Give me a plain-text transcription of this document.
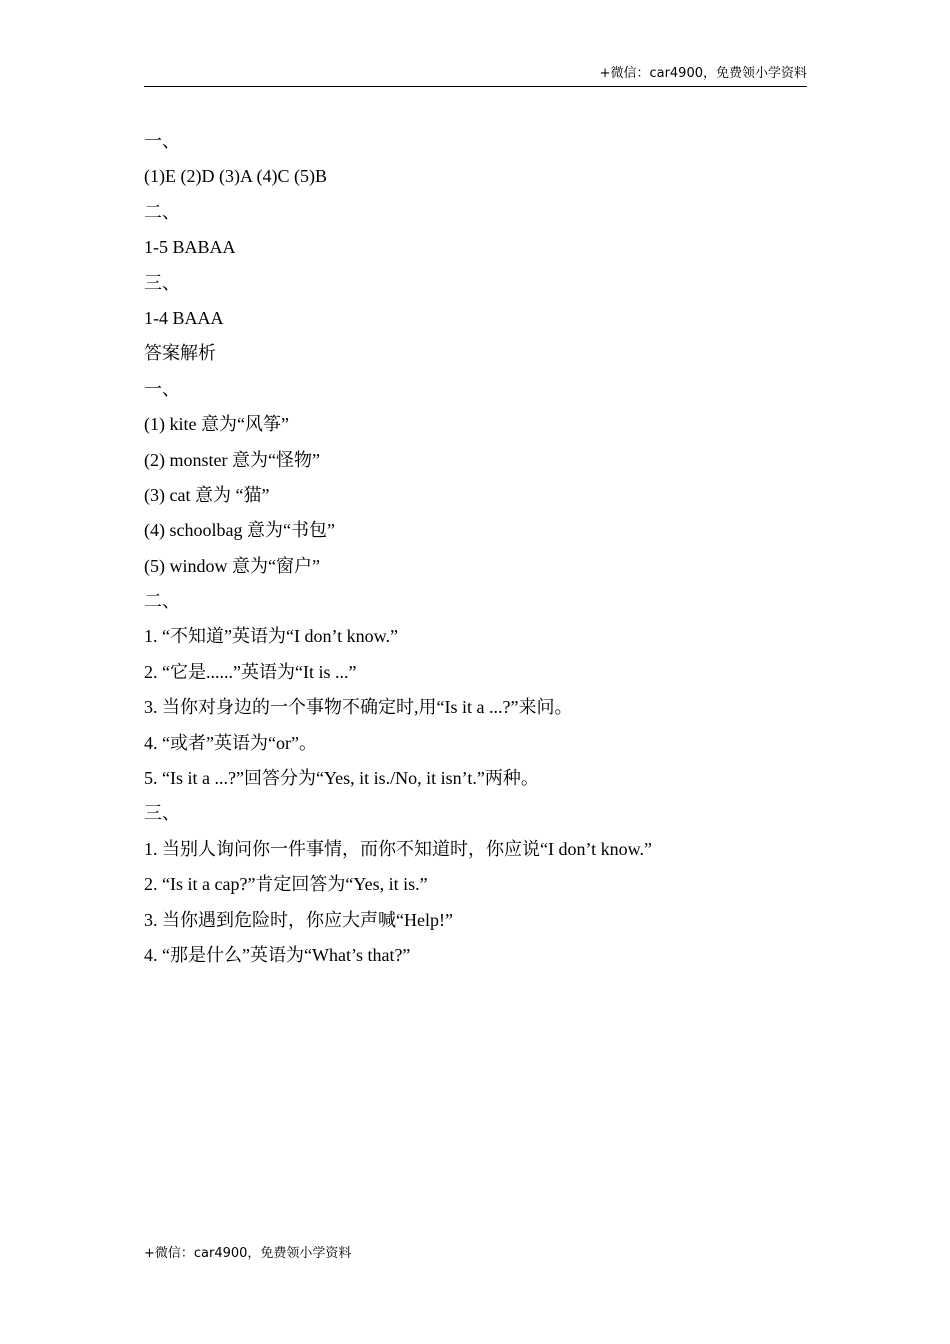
+微信：car4900，免费领小学资料
一、
(1)E (2)D (3)A (4)C (5)B
二、
1-5 BABAA
三、
1-4 BAAA
答案解析
一、
(1) kite 意为“风筝”
(2) monster 意为“怪物”
(3) cat 意为 “猫”
(4) schoolbag 意为“书包”
(5) window 意为“窗户”
二、
1. “不知道”英语为“I don’t know.”
2. “它是......”英语为“It is ...”
3. 当你对身边的一个事物不确定时,用“Is it a ...?”来问。
4. “或者”英语为“or”。
5. “Is it a ...?”回答分为“Yes, it is./No, it isn’t.”两种。
三、
1. 当别人询问你一件事情，而你不知道时，你应说“I don’t know.”
2. “Is it a cap?”肯定回答为“Yes, it is.”
3. 当你遇到危险时，你应大声喊“Help!”
4. “那是什么”英语为“What’s that?”
+微信：car4900，免费领小学资料
